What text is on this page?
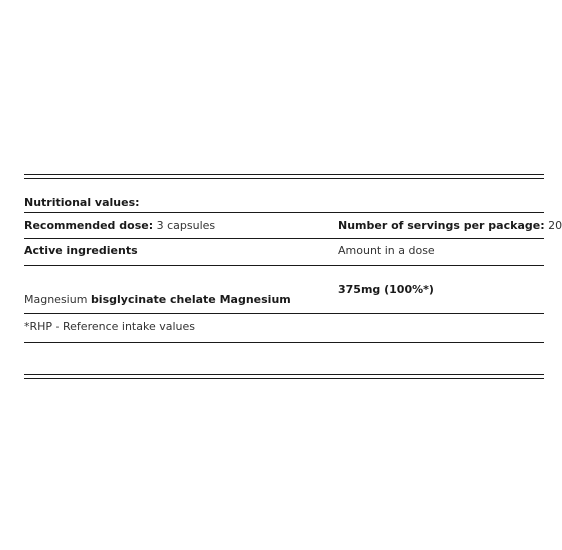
Nutritional values:
Recommended dose: 3 capsules	Number of servings per package: 20
Active ingredients	Amount in a dose
Magnesium bisglycinate chelate Magnesium
375mg (100%*)
*RHP - Reference intake values
